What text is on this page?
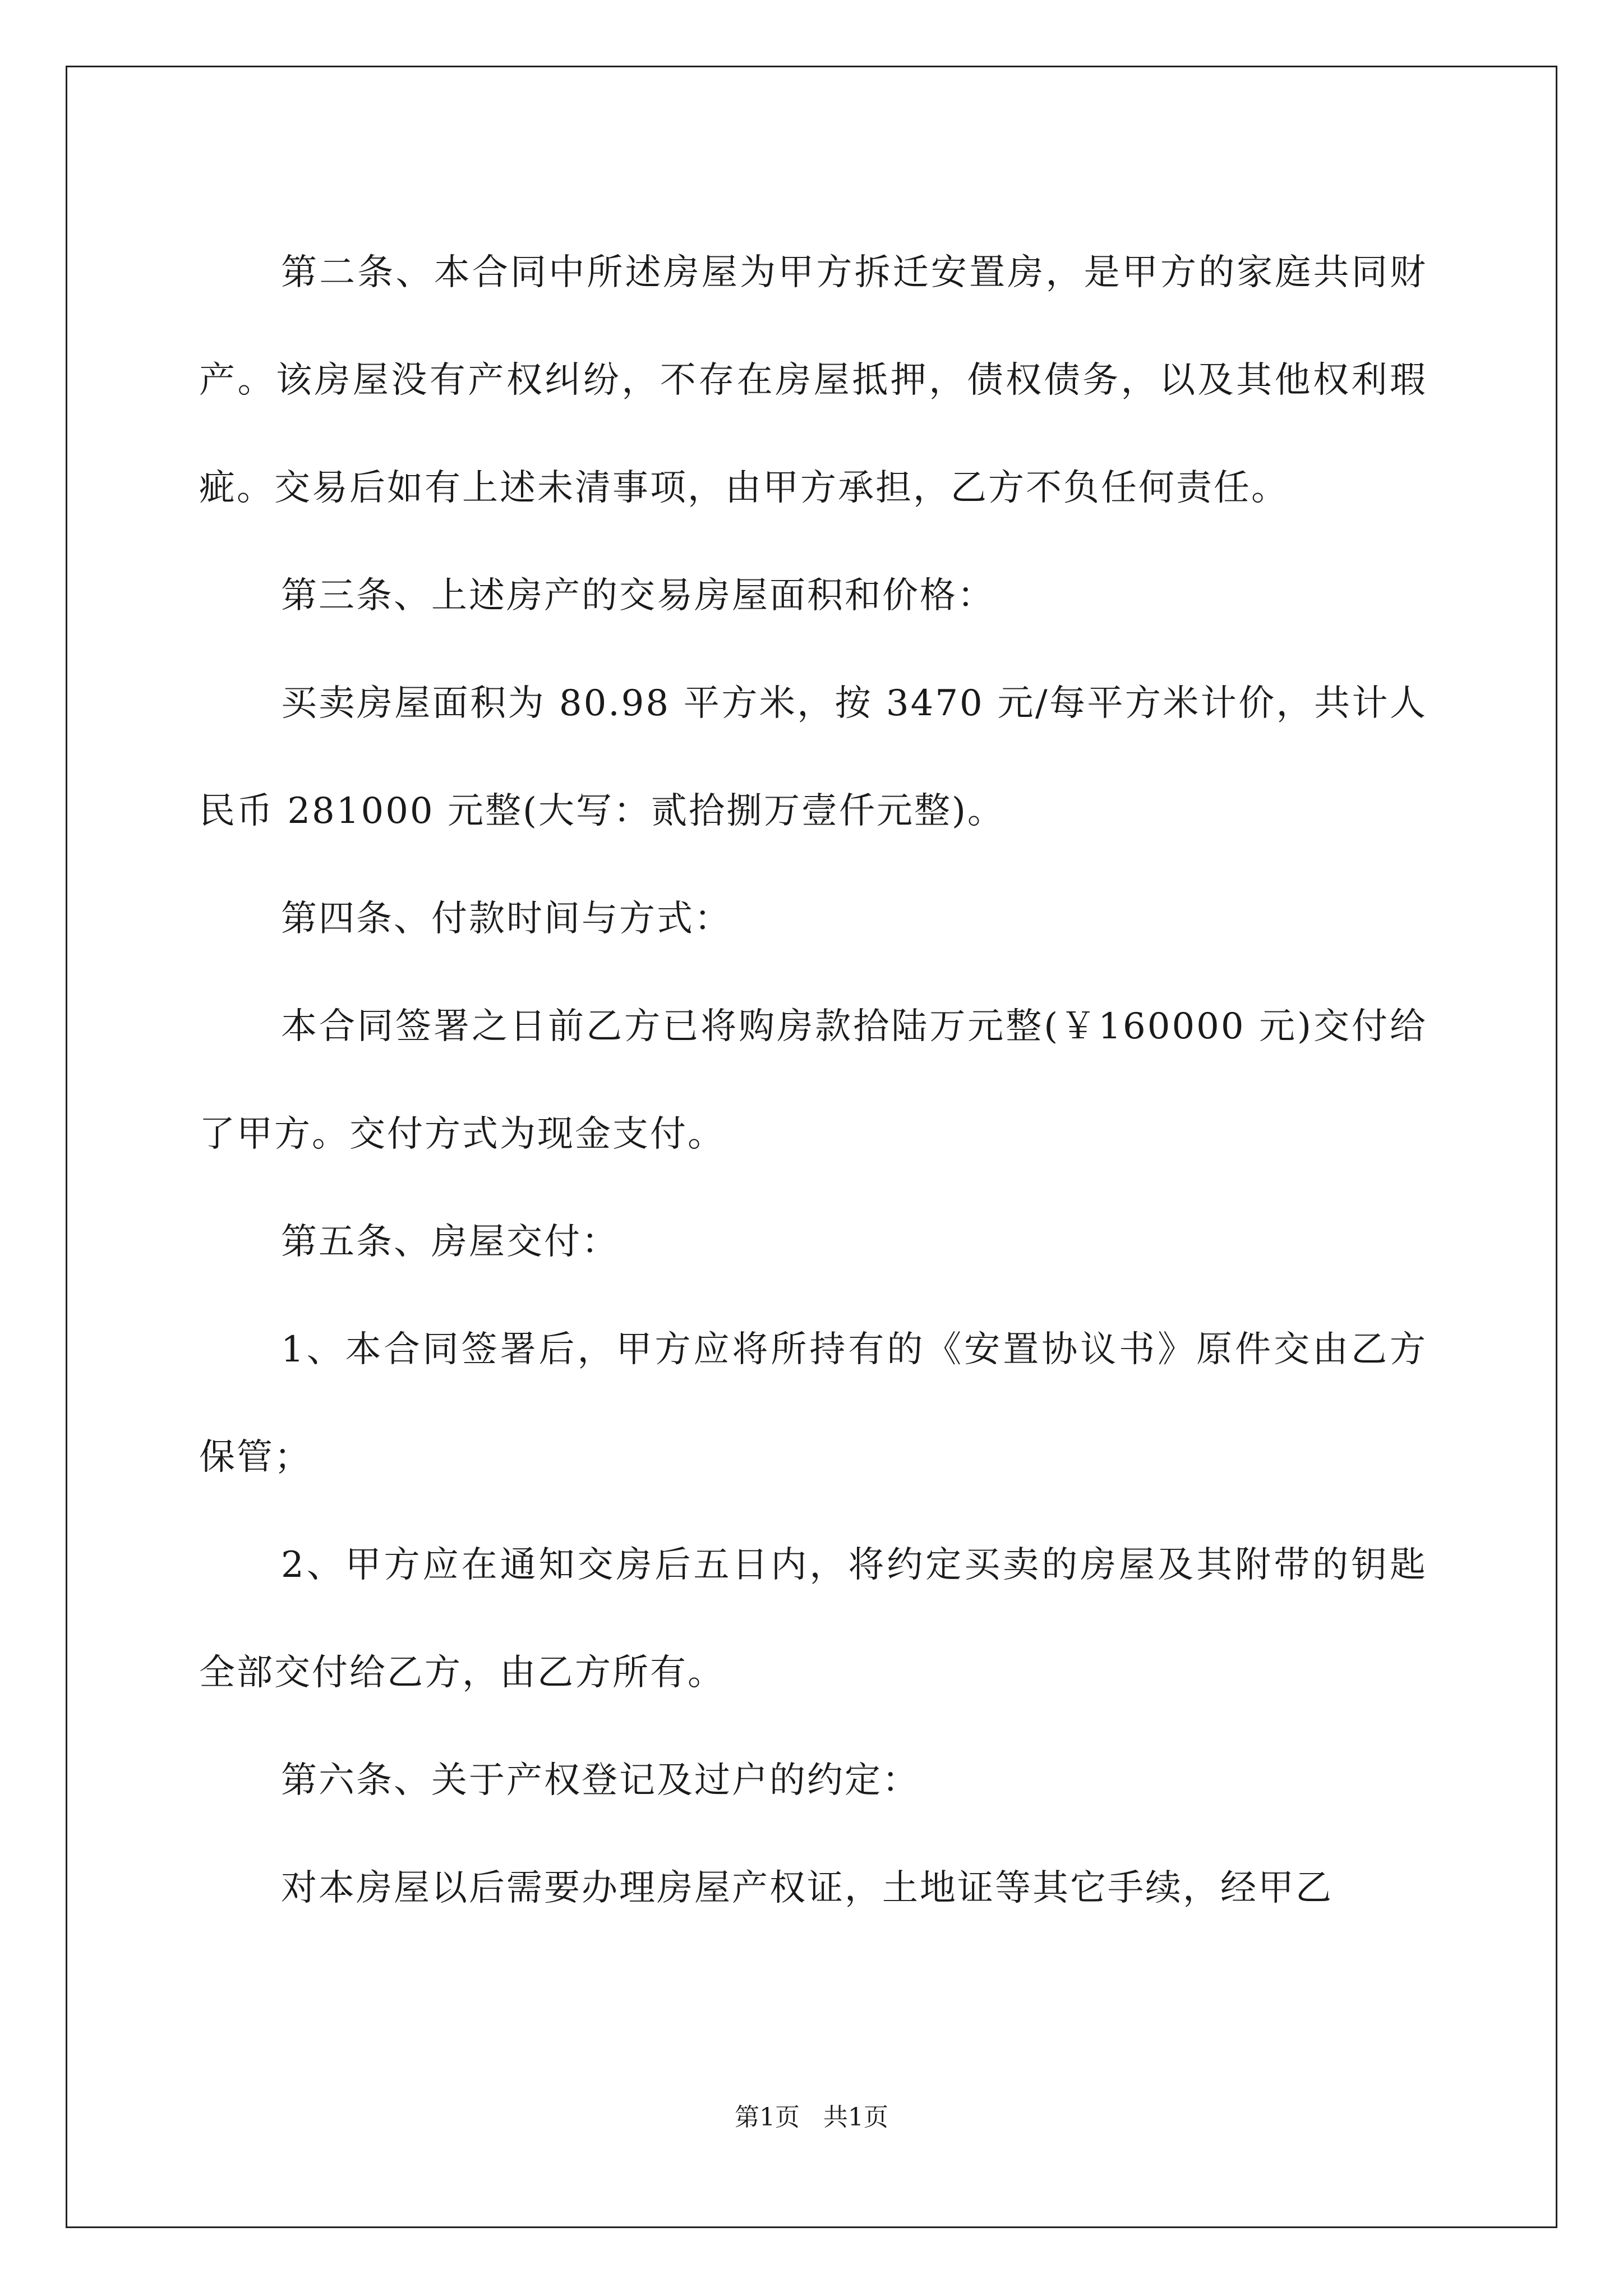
第二条、本合同中所述房屋为甲方拆迁安置房，是甲方的家庭共同财产。该房屋没有产权纠纷，不存在房屋抵押，债权债务，以及其他权利瑕疵。交易后如有上述未清事项，由甲方承担，乙方不负任何责任。

第三条、上述房产的交易房屋面积和价格：

买卖房屋面积为 80.98 平方米，按 3470 元/每平方米计价，共计人民币 281000 元整(大写：贰拾捌万壹仟元整)。

第四条、付款时间与方式：

本合同签署之日前乙方已将购房款拾陆万元整(￥160000 元)交付给了甲方。交付方式为现金支付。

第五条、房屋交付：

1、本合同签署后，甲方应将所持有的《安置协议书》原件交由乙方保管；

2、甲方应在通知交房后五日内，将约定买卖的房屋及其附带的钥匙全部交付给乙方，由乙方所有。

第六条、关于产权登记及过户的约定：

对本房屋以后需要办理房屋产权证，土地证等其它手续，经甲乙

第1页 共1页
